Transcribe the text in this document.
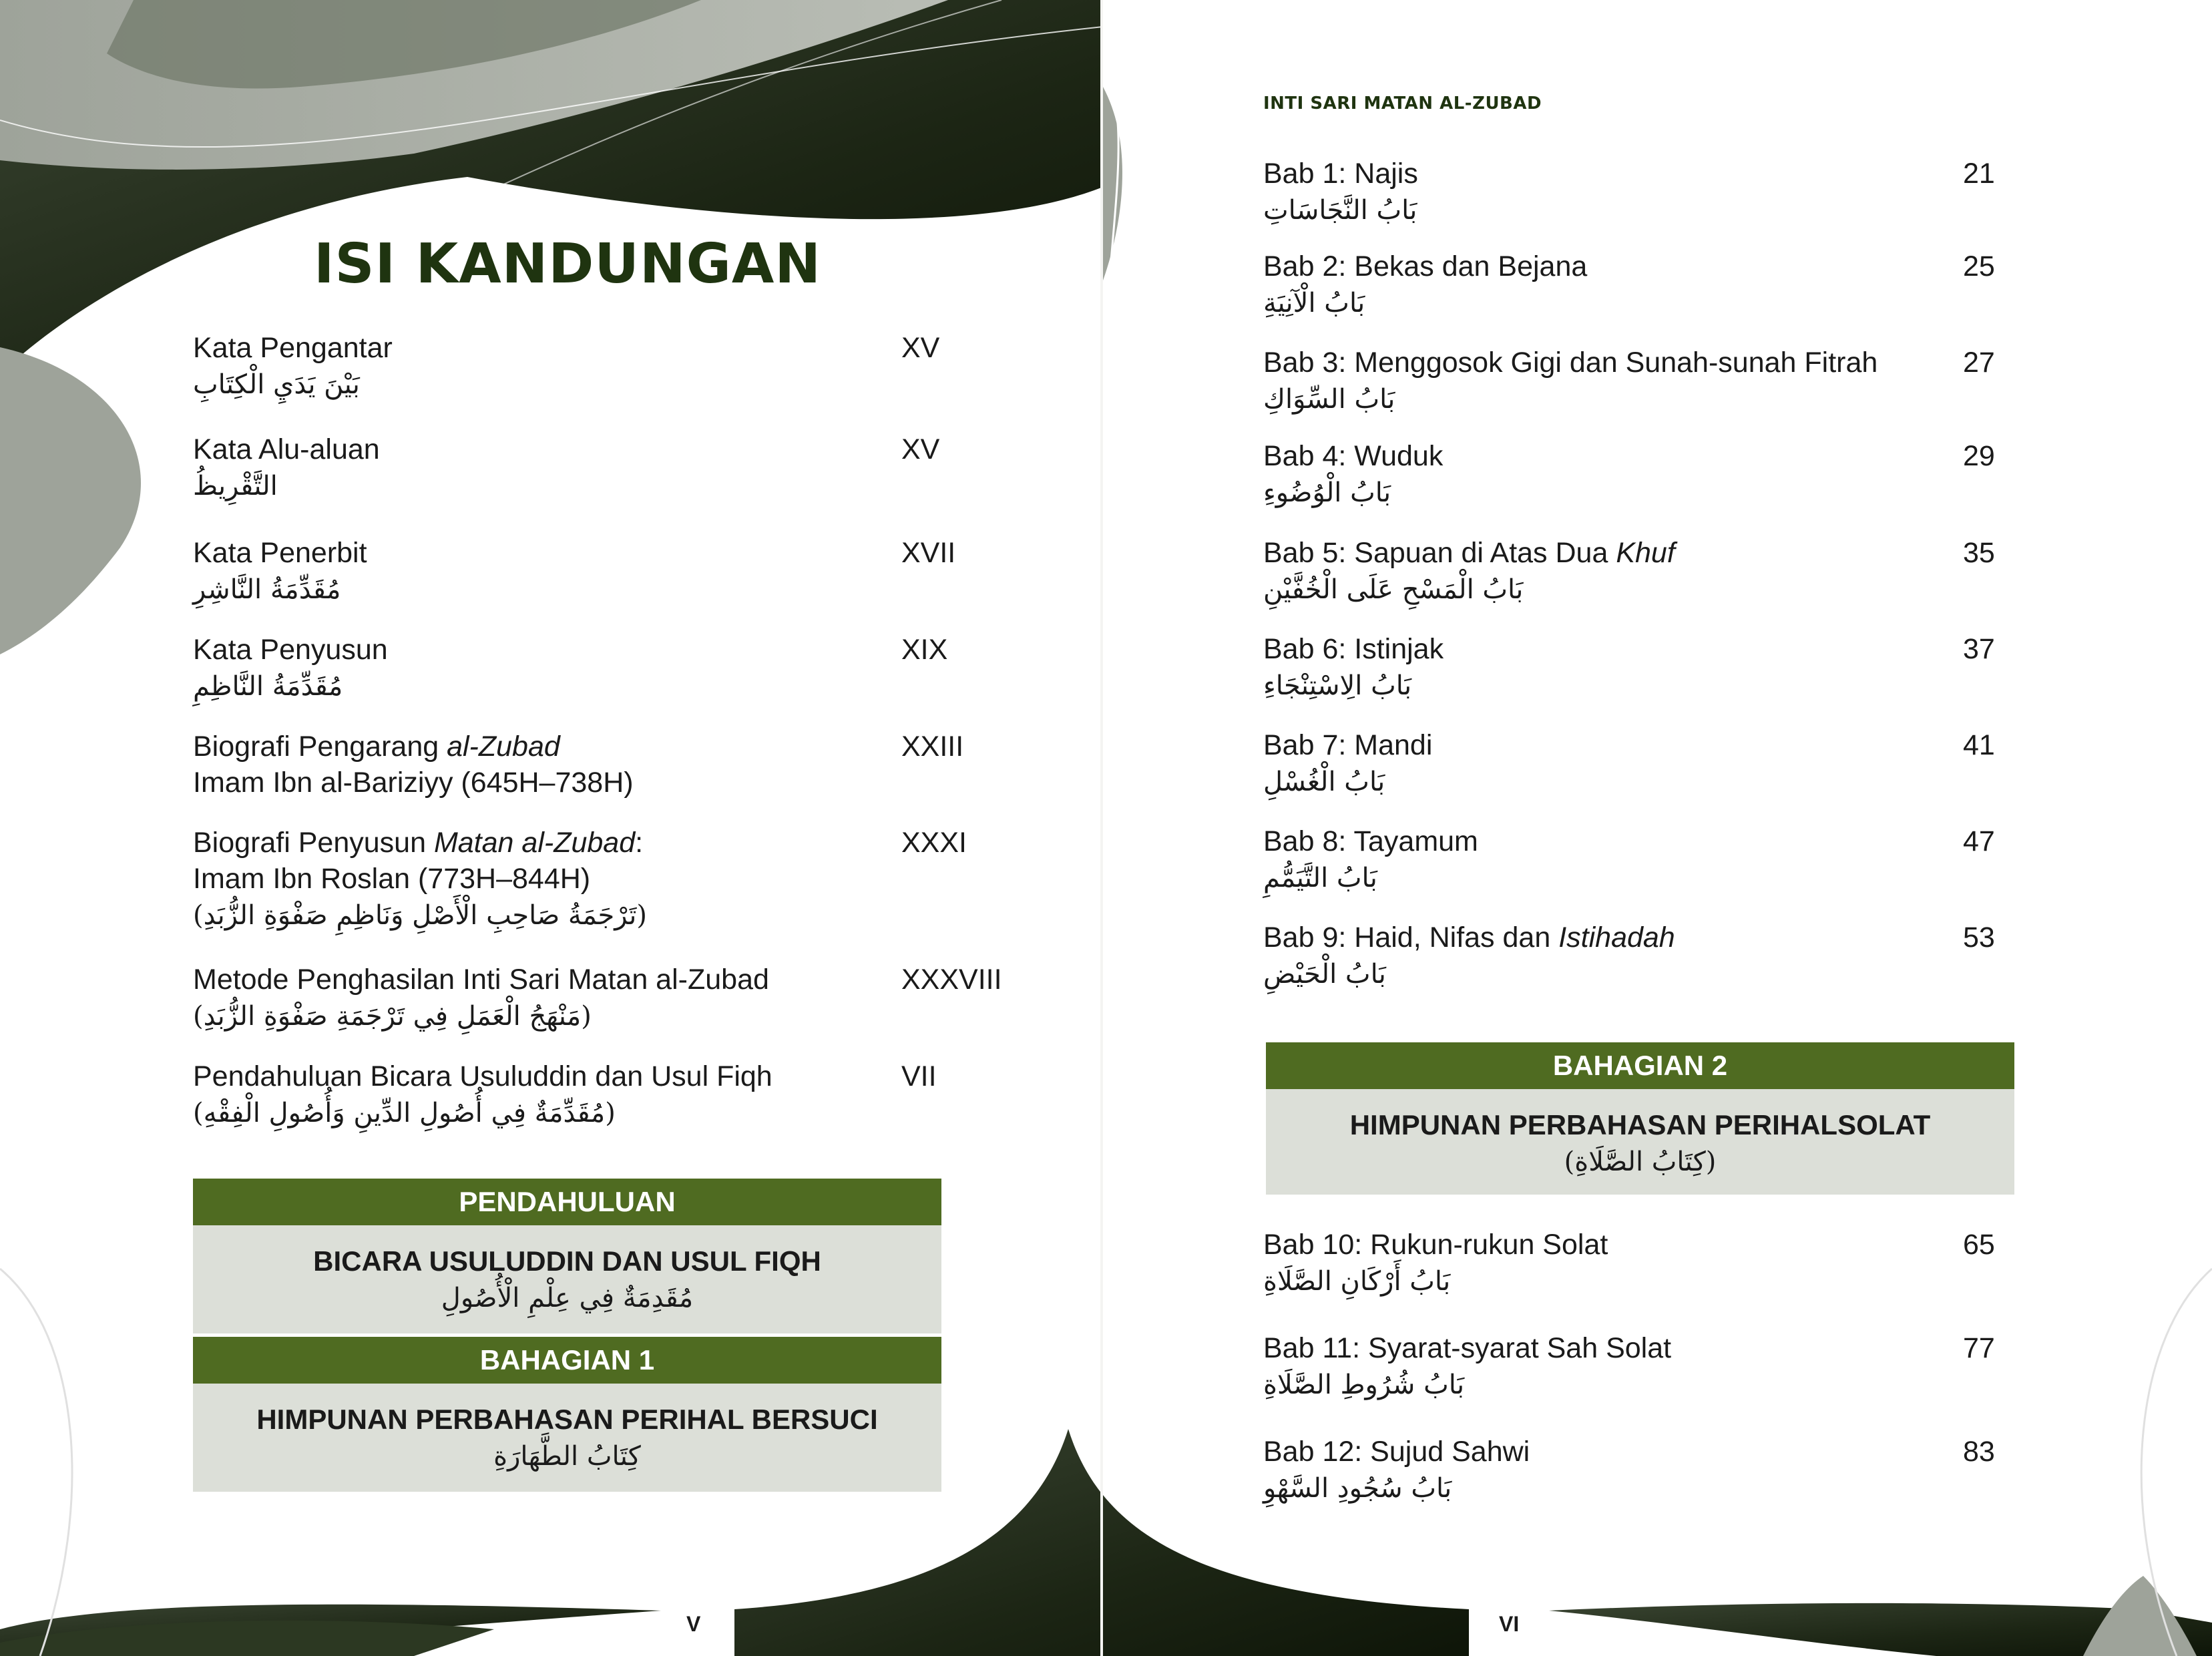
ISI KANDUNGAN
Kata Pengantar
بَيْنَ يَدَيِ الْكِتَابِ
XV
Kata Alu-aluan
التَّقْرِيظُ
XV
Kata Penerbit
مُقَدِّمَةُ النَّاشِرِ
XVII
Kata Penyusun
مُقَدِّمَةُ النَّاظِمِ
XIX
Biografi Pengarang al-Zubad
Imam Ibn al-Bariziyy (645H–738H)
XXIII
Biografi Penyusun Matan al-Zubad:
Imam Ibn Roslan (773H–844H)
(تَرْجَمَةُ صَاحِبِ الْأَصْلِ وَنَاظِمِ صَفْوَةِ الزُّبَدِ)
XXXI
Metode Penghasilan Inti Sari Matan al-Zubad
(مَنْهَجُ الْعَمَلِ فِي تَرْجَمَةِ صَفْوَةِ الزُّبَدِ)
XXXVIII
Pendahuluan Bicara Usuluddin dan Usul Fiqh
(مُقَدِّمَةٌ فِي أُصُولِ الدِّينِ وَأُصُولِ الْفِقْهِ)
VII
PENDAHULUAN
BICARA USULUDDIN DAN USUL FIQH
مُقَدِمَةٌ فِي عِلْمِ الْأُصُولِ
BAHAGIAN 1
HIMPUNAN PERBAHASAN PERIHAL BERSUCI
كِتَابُ الطَّهَارَةِ
V
INTI SARI MATAN AL-ZUBAD
Bab 1: Najis
بَابُ النَّجَاسَاتِ
21
Bab 2: Bekas dan Bejana
بَابُ الْآنِيَةِ
25
Bab 3: Menggosok Gigi dan Sunah-sunah Fitrah
بَابُ السِّوَاكِ
27
Bab 4: Wuduk
بَابُ الْوُضُوءِ
29
Bab 5: Sapuan di Atas Dua Khuf
بَابُ الْمَسْحِ عَلَى الْخُفَّيْنِ
35
Bab 6: Istinjak
بَابُ الِاسْتِنْجَاءِ
37
Bab 7: Mandi
بَابُ الْغُسْلِ
41
Bab 8: Tayamum
بَابُ التَّيَمُّمِ
47
Bab 9: Haid, Nifas dan Istihadah
بَابُ الْحَيْضِ
53
BAHAGIAN 2
HIMPUNAN PERBAHASAN PERIHALSOLAT
(كِتَابُ الصَّلَاةِ)
Bab 10: Rukun-rukun Solat
بَابُ أَرْكَانِ الصَّلَاةِ
65
Bab 11: Syarat-syarat Sah Solat
بَابُ شُرُوطِ الصَّلَاةِ
77
Bab 12: Sujud Sahwi
بَابُ سُجُودِ السَّهْوِ
83
VI
